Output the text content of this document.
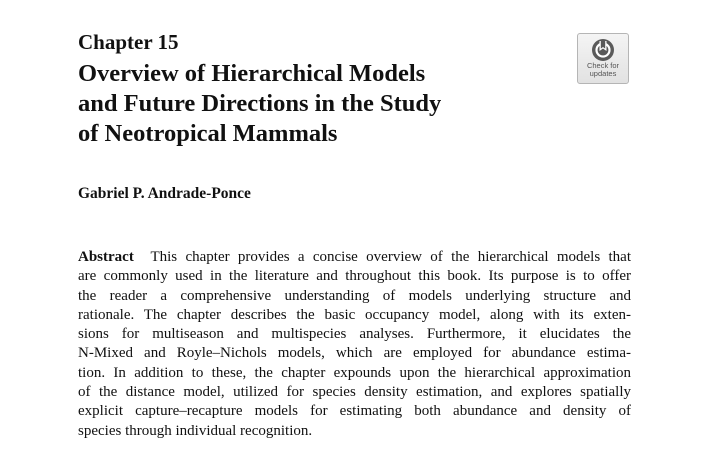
Chapter 15
Overview of Hierarchical Models
and Future Directions in the Study
of Neotropical Mammals
Check for
updates

Gabriel P. Andrade-Ponce

Abstract This chapter provides a concise overview of the hierarchical models that
are commonly used in the literature and throughout this book. Its purpose is to offer
the reader a comprehensive understanding of models underlying structure and
rationale. The chapter describes the basic occupancy model, along with its exten-
sions for multiseason and multispecies analyses. Furthermore, it elucidates the
N-Mixed and Royle–Nichols models, which are employed for abundance estima-
tion. In addition to these, the chapter expounds upon the hierarchical approximation
of the distance model, utilized for species density estimation, and explores spatially
explicit capture–recapture models for estimating both abundance and density of
species through individual recognition.
